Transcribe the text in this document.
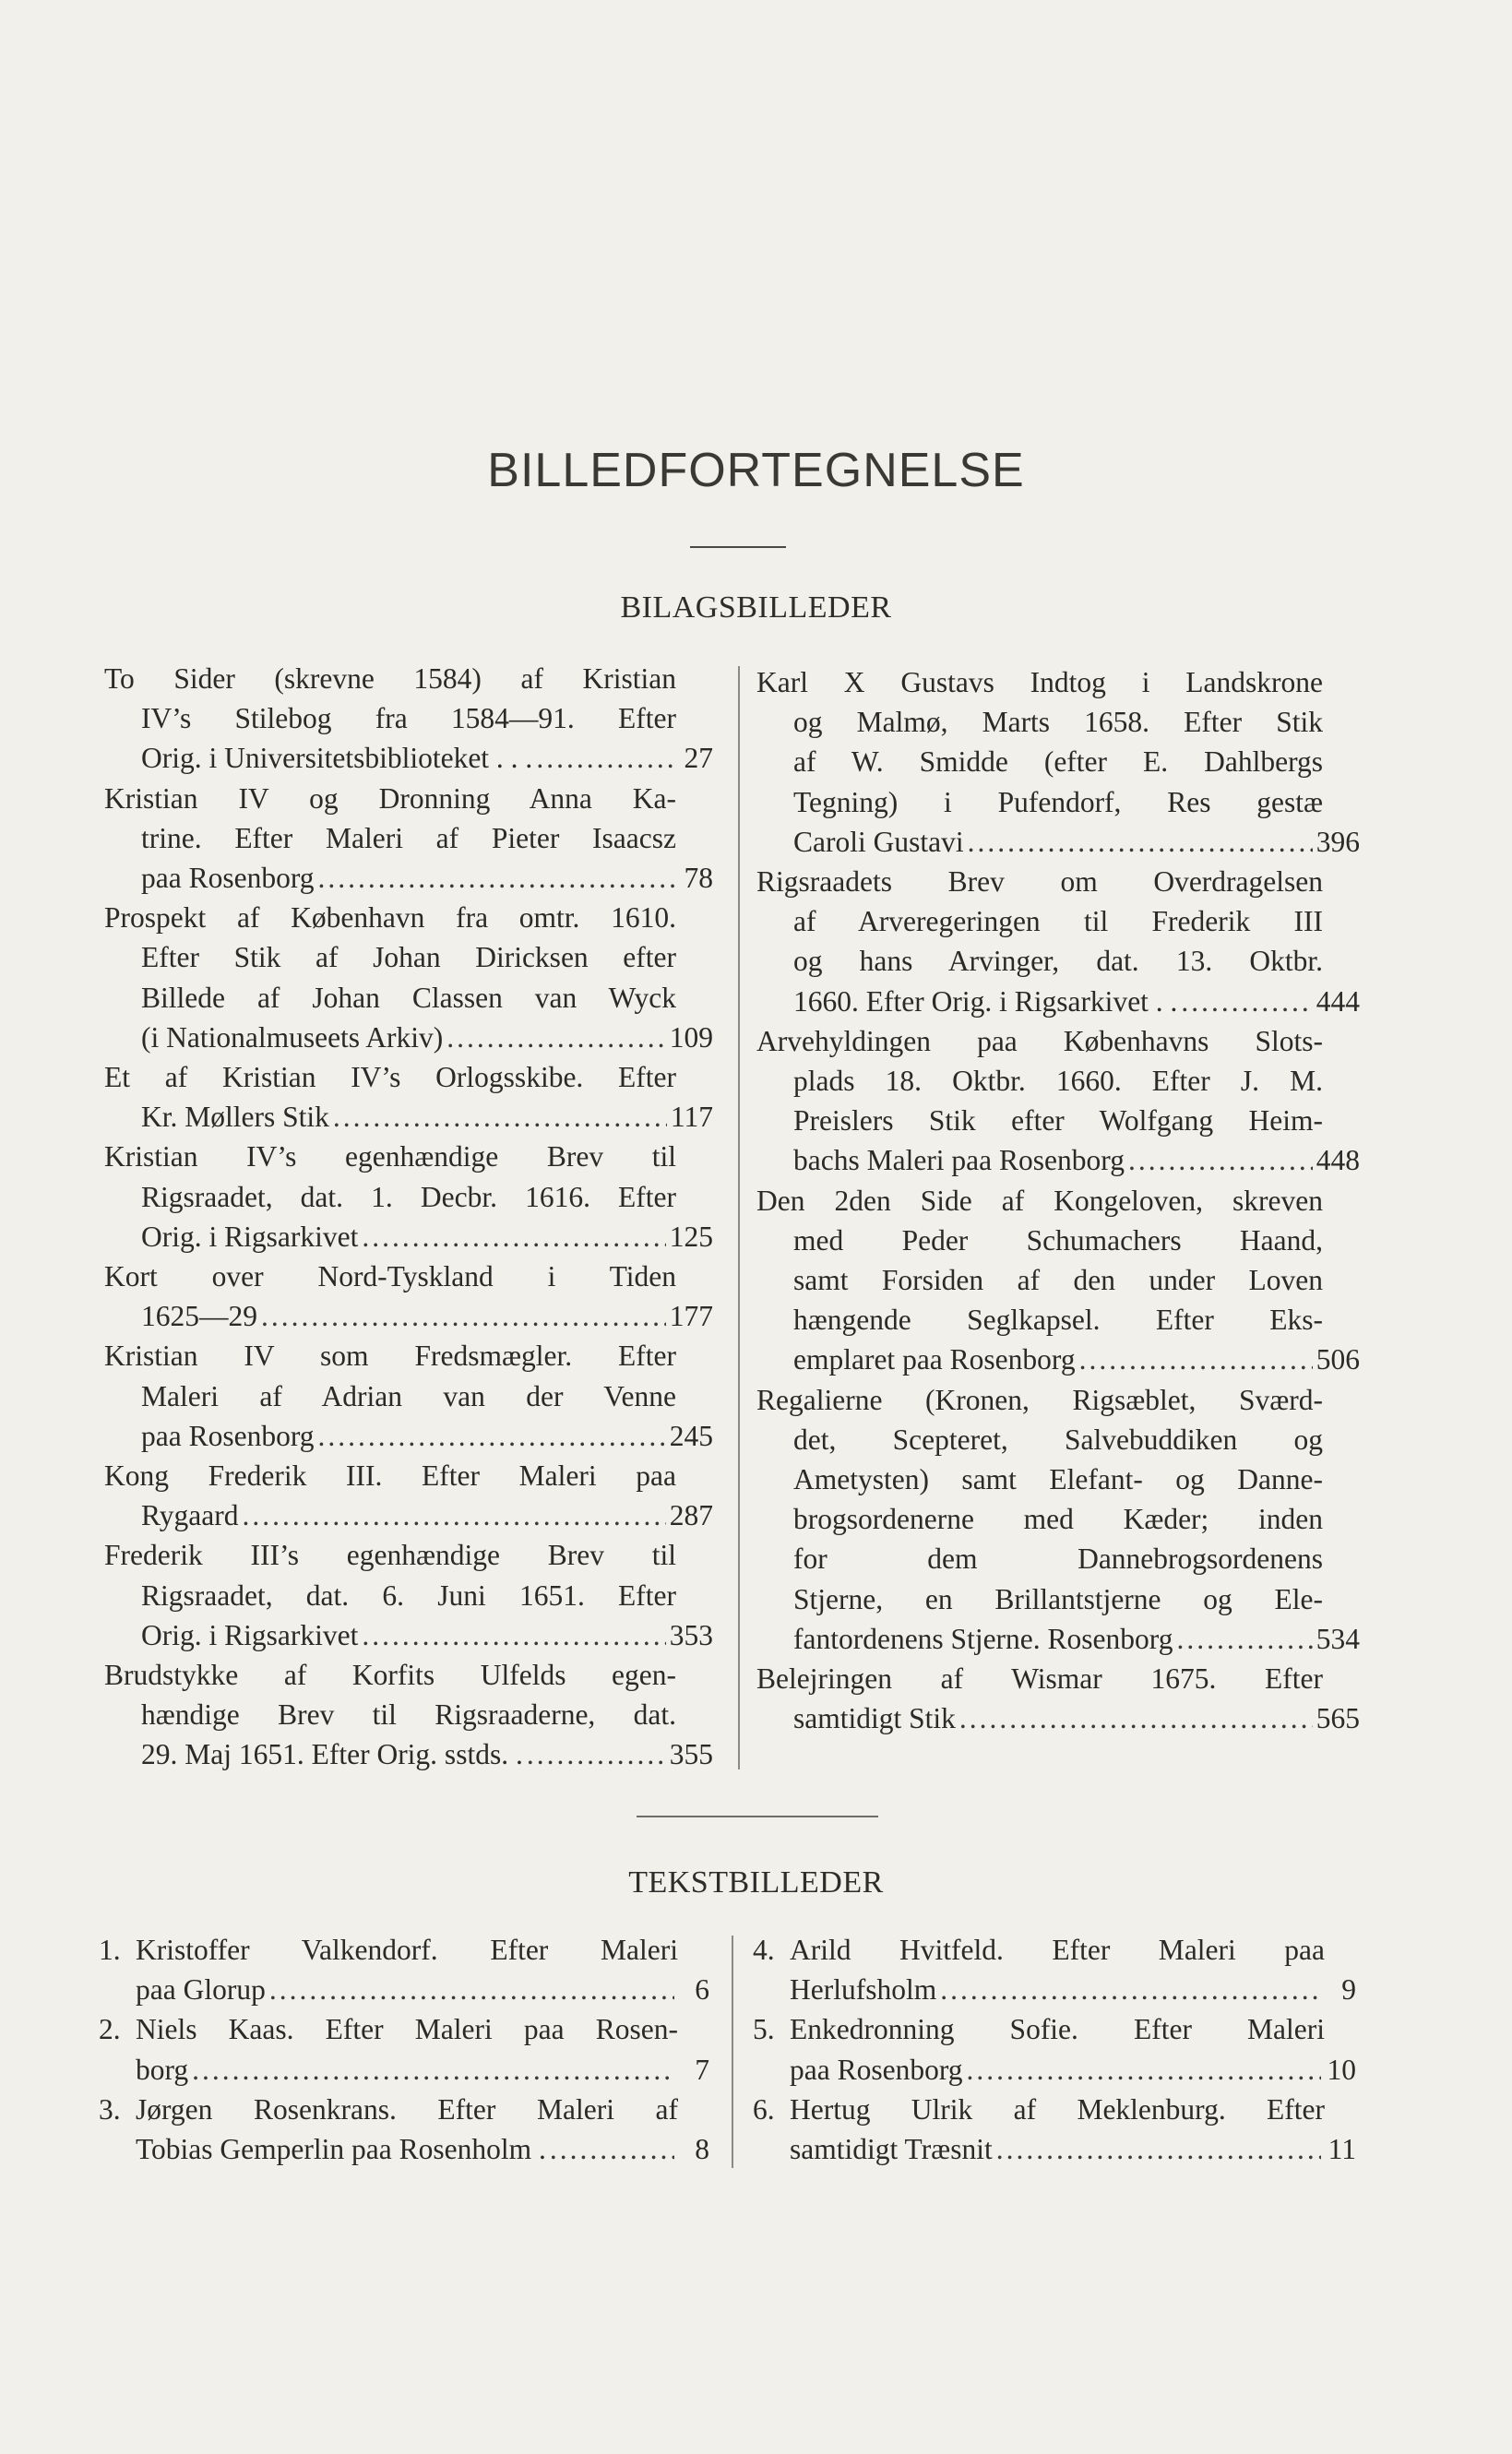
BILLEDFORTEGNELSE
BILAGSBILLEDER
To Sider (skrevne 1584) af Kristian
IV’s Stilebog fra 1584—91. Efter
Orig. i Universitetsbiblioteket . . . .....	27
Kristian IV og Dronning Anna Ka-
trine. Efter Maleri af Pieter Isaacsz
paa Rosenborg .....	78
Prospekt af København fra omtr. 1610.
Efter Stik af Johan Diricksen efter
Billede af Johan Classen van Wyck
(i Nationalmuseets Arkiv) .....	109
Et af Kristian IV’s Orlogsskibe. Efter
Kr. Møllers Stik .....	117
Kristian IV’s egenhændige Brev til
Rigsraadet, dat. 1. Decbr. 1616. Efter
Orig. i Rigsarkivet .....	125
Kort over Nord-Tyskland i Tiden
1625—29 .....	177
Kristian IV som Fredsmægler. Efter
Maleri af Adrian van der Venne
paa Rosenborg .....	245
Kong Frederik III. Efter Maleri paa
Rygaard .....	287
Frederik III’s egenhændige Brev til
Rigsraadet, dat. 6. Juni 1651. Efter
Orig. i Rigsarkivet .....	353
Brudstykke af Korfits Ulfelds egen-
hændige Brev til Rigsraaderne, dat.
29. Maj 1651. Efter Orig. sstds. . .....	355
Karl X Gustavs Indtog i Landskrone
og Malmø, Marts 1658. Efter Stik
af W. Smidde (efter E. Dahlbergs
Tegning) i Pufendorf, Res gestæ
Caroli Gustavi .....	396
Rigsraadets Brev om Overdragelsen
af Arveregeringen til Frederik III
og hans Arvinger, dat. 13. Oktbr.
1660. Efter Orig. i Rigsarkivet . . .....	444
Arvehyldingen paa Københavns Slots-
plads 18. Oktbr. 1660. Efter J. M.
Preislers Stik efter Wolfgang Heim-
bachs Maleri paa Rosenborg .....	448
Den 2den Side af Kongeloven, skreven
med Peder Schumachers Haand,
samt Forsiden af den under Loven
hængende Seglkapsel. Efter Eks-
emplaret paa Rosenborg .....	506
Regalierne (Kronen, Rigsæblet, Sværd-
det, Scepteret, Salvebuddiken og
Ametysten) samt Elefant- og Danne-
brogsordenerne med Kæder; inden
for dem Dannebrogsordenens
Stjerne, en Brillantstjerne og Ele-
fantordenens Stjerne. Rosenborg .....	534
Belejringen af Wismar 1675. Efter
samtidigt Stik .....	565
TEKSTBILLEDER
1. Kristoffer Valkendorf. Efter Maleri
paa Glorup .....	6
2. Niels Kaas. Efter Maleri paa Rosen-
borg .....	7
3. Jørgen Rosenkrans. Efter Maleri af
Tobias Gemperlin paa Rosenholm . .....	8
4. Arild Hvitfeld. Efter Maleri paa
Herlufsholm .....	9
5. Enkedronning Sofie. Efter Maleri
paa Rosenborg .....	10
6. Hertug Ulrik af Meklenburg. Efter
samtidigt Træsnit .....	11
